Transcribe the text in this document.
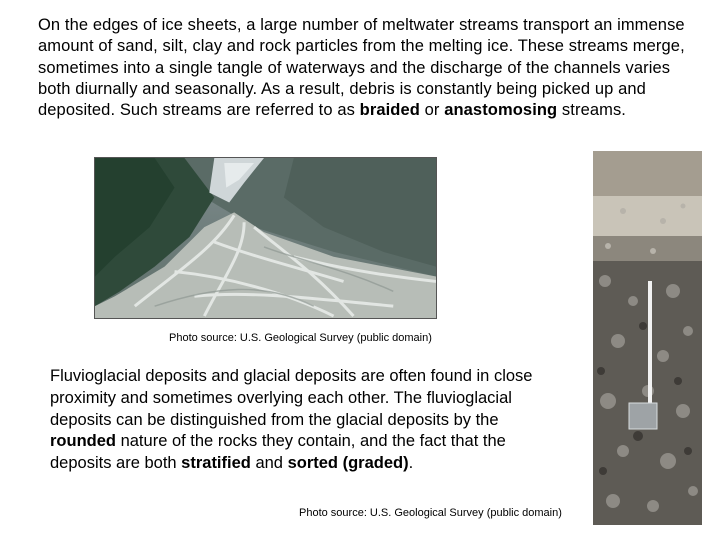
On the edges of ice sheets, a large number of meltwater streams transport an immense amount of sand, silt, clay and rock particles from the melting ice. These streams merge, sometimes into a single tangle of waterways and the discharge of the channels varies both diurnally and seasonally. As a result, debris is constantly being picked up and deposited. Such streams are referred to as braided or anastomosing streams.
Photo source: U.S. Geological Survey (public domain)
Fluvioglacial deposits and glacial deposits are often found in close proximity and sometimes overlying each other. The fluvioglacial deposits can be distinguished from the glacial deposits by the rounded nature of the rocks they contain, and the fact that the deposits are both stratified and sorted (graded).
Photo source: U.S. Geological Survey (public domain)
